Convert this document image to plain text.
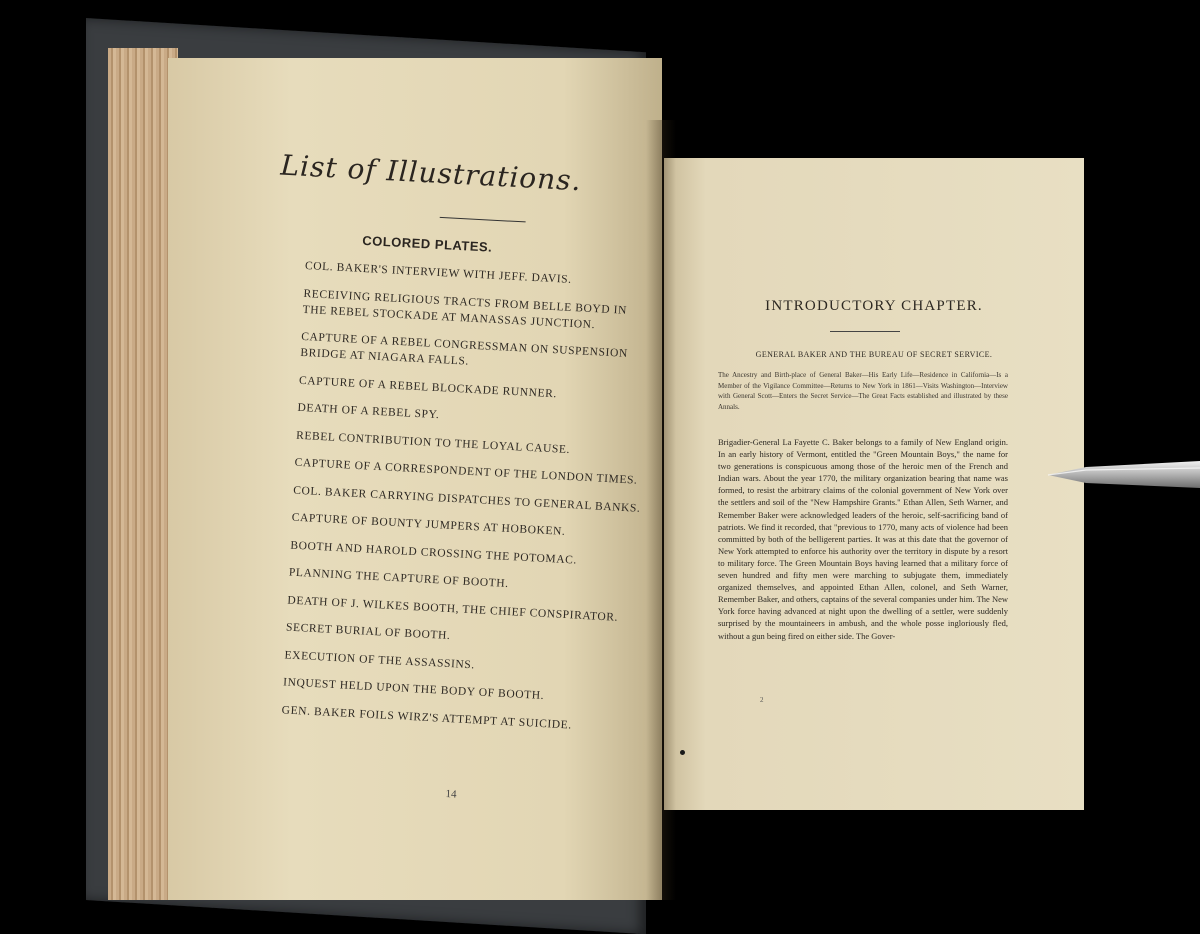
List of Illustrations.
COLORED PLATES.
COL. BAKER'S INTERVIEW WITH JEFF. DAVIS.
RECEIVING RELIGIOUS TRACTS FROM BELLE BOYD IN THE REBEL STOCKADE AT MANASSAS JUNCTION.
CAPTURE OF A REBEL CONGRESSMAN ON SUSPENSION BRIDGE AT NIAGARA FALLS.
CAPTURE OF A REBEL BLOCKADE RUNNER.
DEATH OF A REBEL SPY.
REBEL CONTRIBUTION TO THE LOYAL CAUSE.
CAPTURE OF A CORRESPONDENT OF THE LONDON TIMES.
COL. BAKER CARRYING DISPATCHES TO GENERAL BANKS.
CAPTURE OF BOUNTY JUMPERS AT HOBOKEN.
BOOTH AND HAROLD CROSSING THE POTOMAC.
PLANNING THE CAPTURE OF BOOTH.
DEATH OF J. WILKES BOOTH, THE CHIEF CONSPIRATOR.
SECRET BURIAL OF BOOTH.
EXECUTION OF THE ASSASSINS.
INQUEST HELD UPON THE BODY OF BOOTH.
GEN. BAKER FOILS WIRZ'S ATTEMPT AT SUICIDE.
14
INTRODUCTORY CHAPTER.
GENERAL BAKER AND THE BUREAU OF SECRET SERVICE.
The Ancestry and Birth-place of General Baker—His Early Life—Residence in California—Is a Member of the Vigilance Committee—Returns to New York in 1861—Visits Washington—Interview with General Scott—Enters the Secret Service—The Great Facts established and illustrated by these Annals.
Brigadier-General La Fayette C. Baker belongs to a family of New England origin. In an early history of Vermont, entitled the "Green Mountain Boys," the name for two generations is conspicuous among those of the heroic men of the French and Indian wars. About the year 1770, the military organization bearing that name was formed, to resist the arbitrary claims of the colonial government of New York over the settlers and soil of the "New Hampshire Grants." Ethan Allen, Seth Warner, and Remember Baker were acknowledged leaders of the heroic, self-sacrificing band of patriots. We find it recorded, that "previous to 1770, many acts of violence had been committed by both of the belligerent parties. It was at this date that the governor of New York attempted to enforce his authority over the territory in dispute by a resort to military force. The Green Mountain Boys having learned that a military force of seven hundred and fifty men were marching to subjugate them, immediately organized themselves, and appointed Ethan Allen, colonel, and Seth Warner, Remember Baker, and others, captains of the several companies under him. The New York force having advanced at night upon the dwelling of a settler, were suddenly surprised by the mountaineers in ambush, and the whole posse ingloriously fled, without a gun being fired on either side. The Gover-
2
